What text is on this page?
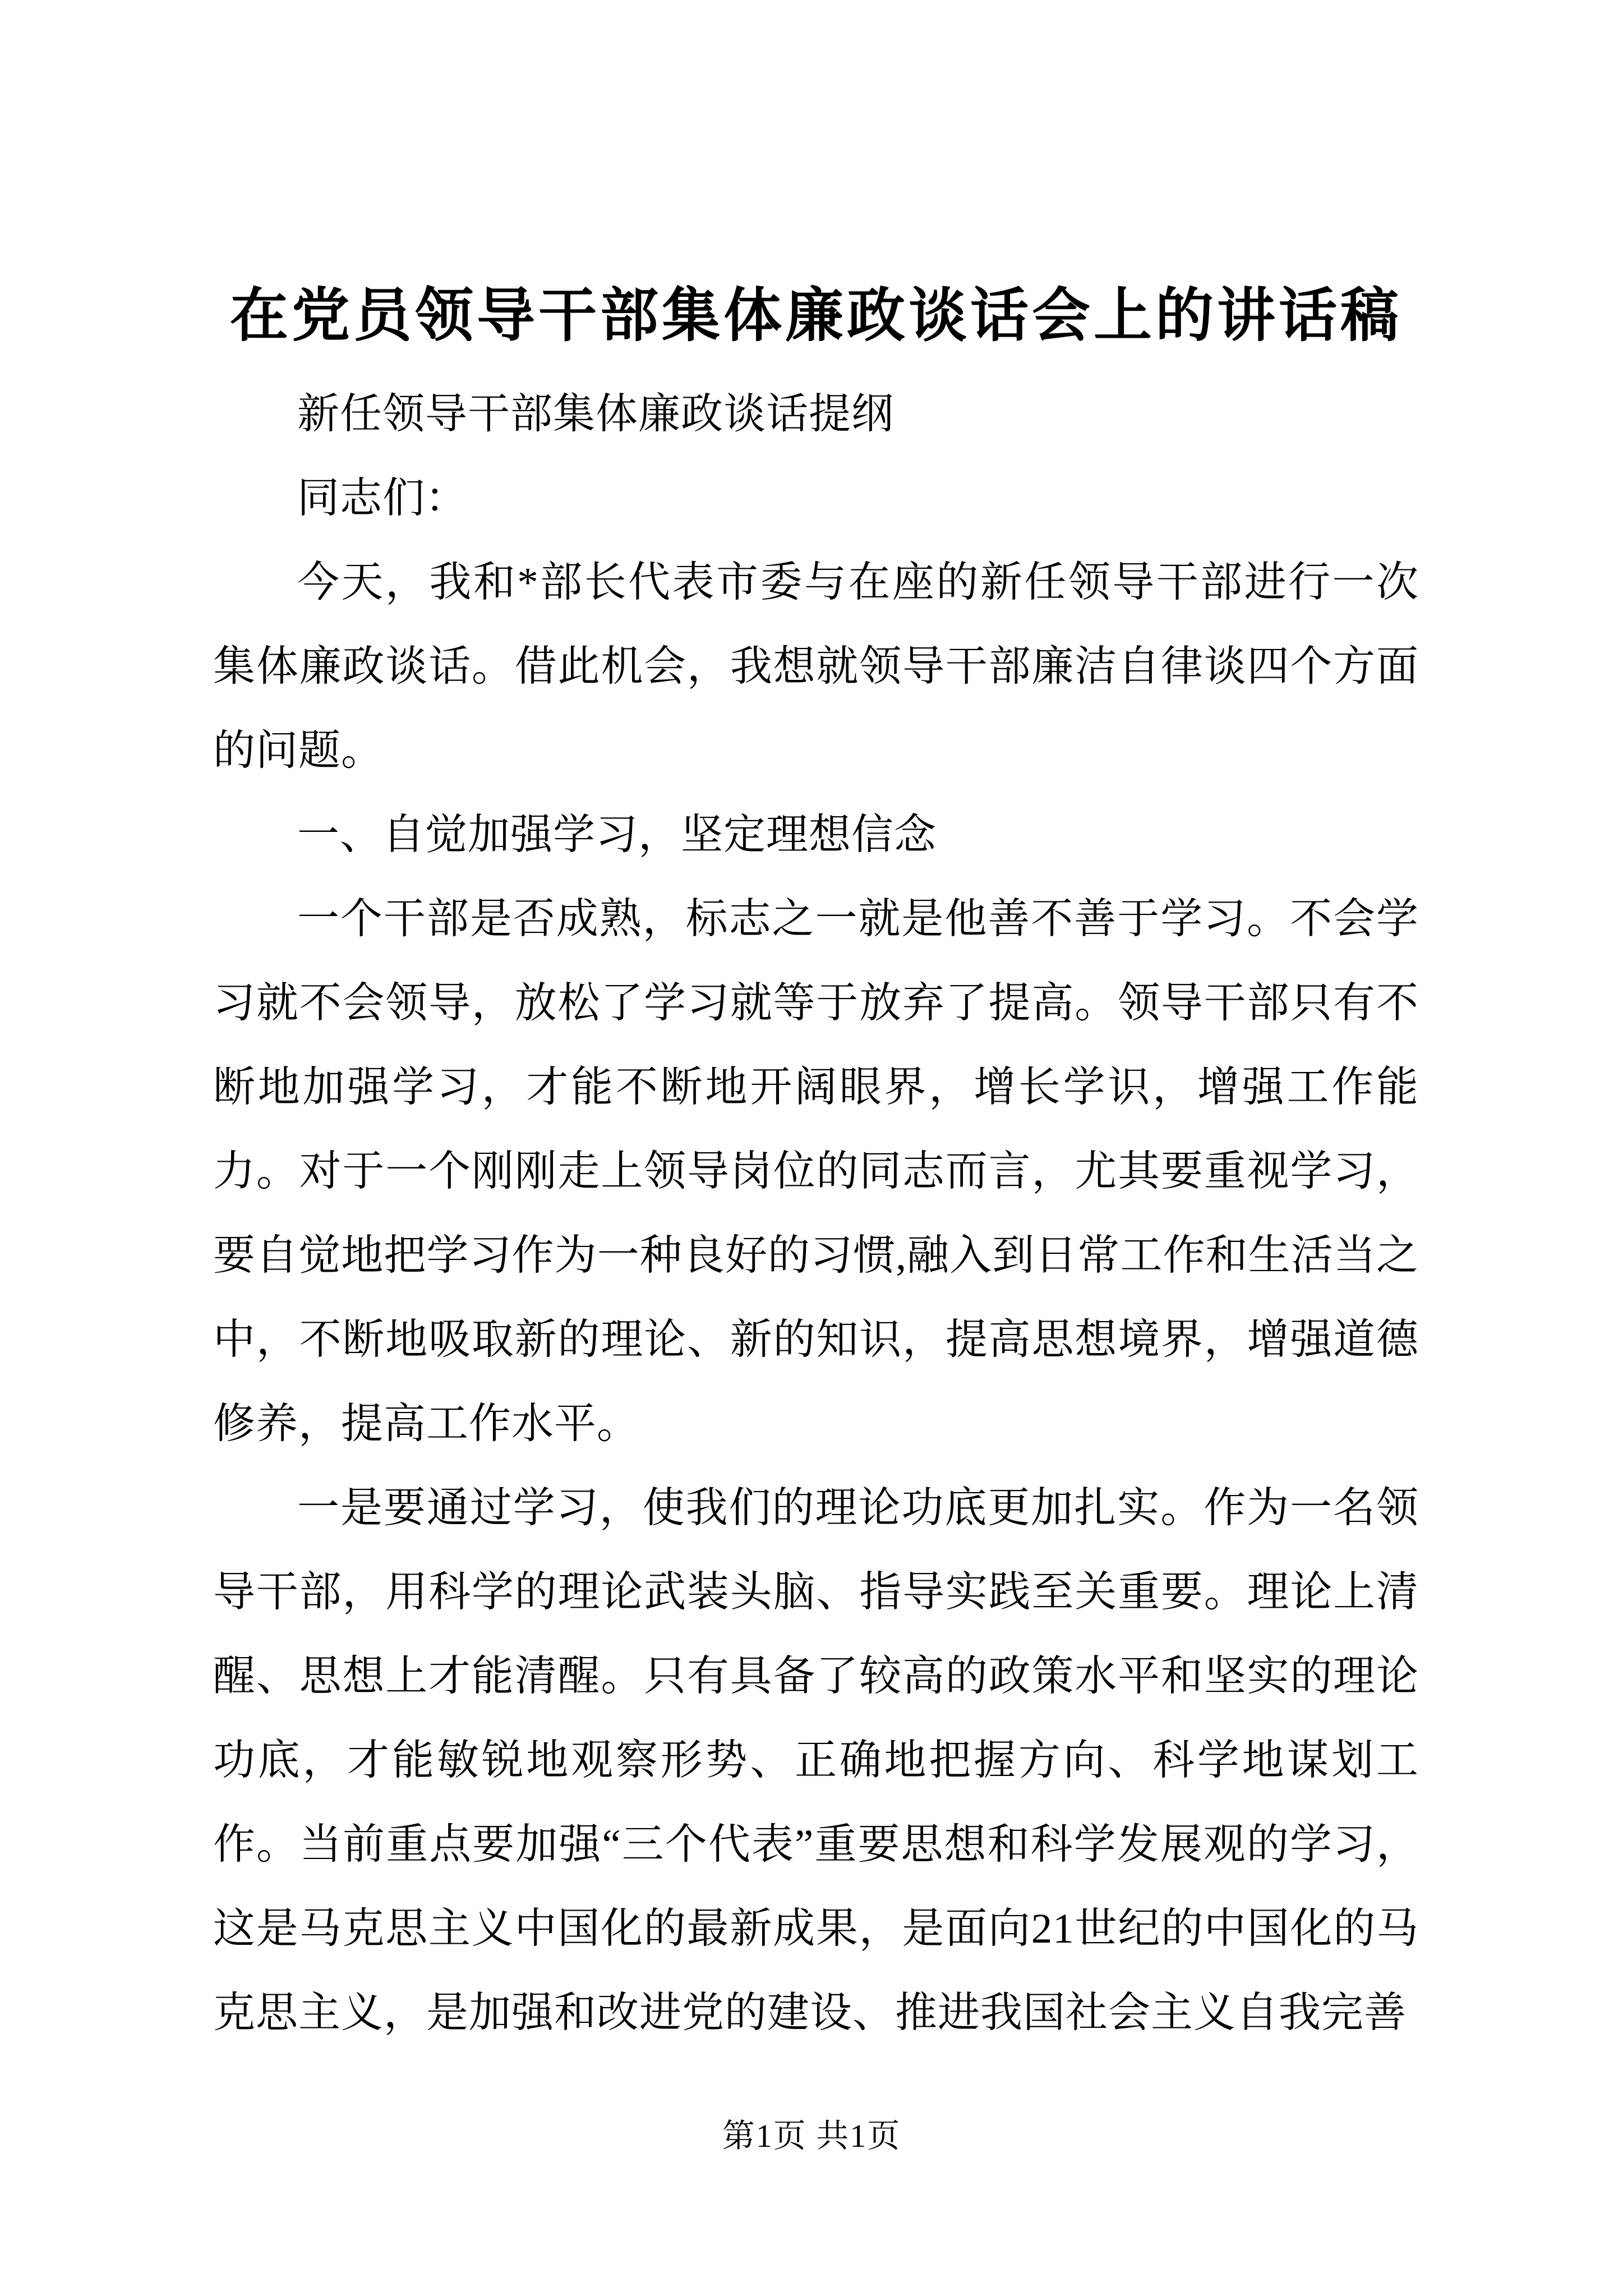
在党员领导干部集体廉政谈话会上的讲话稿

新任领导干部集体廉政谈话提纲

同志们：

今天，我和*部长代表市委与在座的新任领导干部进行一次集体廉政谈话。借此机会，我想就领导干部廉洁自律谈四个方面的问题。

一、自觉加强学习，坚定理想信念

一个干部是否成熟，标志之一就是他善不善于学习。不会学习就不会领导，放松了学习就等于放弃了提高。领导干部只有不断地加强学习，才能不断地开阔眼界，增长学识，增强工作能力。对于一个刚刚走上领导岗位的同志而言，尤其要重视学习，要自觉地把学习作为一种良好的习惯,融入到日常工作和生活当之中，不断地吸取新的理论、新的知识，提高思想境界，增强道德修养，提高工作水平。

一是要通过学习，使我们的理论功底更加扎实。作为一名领导干部，用科学的理论武装头脑、指导实践至关重要。理论上清醒、思想上才能清醒。只有具备了较高的政策水平和坚实的理论功底，才能敏锐地观察形势、正确地把握方向、科学地谋划工作。当前重点要加强“三个代表”重要思想和科学发展观的学习，这是马克思主义中国化的最新成果，是面向21世纪的中国化的马克思主义，是加强和改进党的建设、推进我国社会主义自我完善

第1页 共1页
